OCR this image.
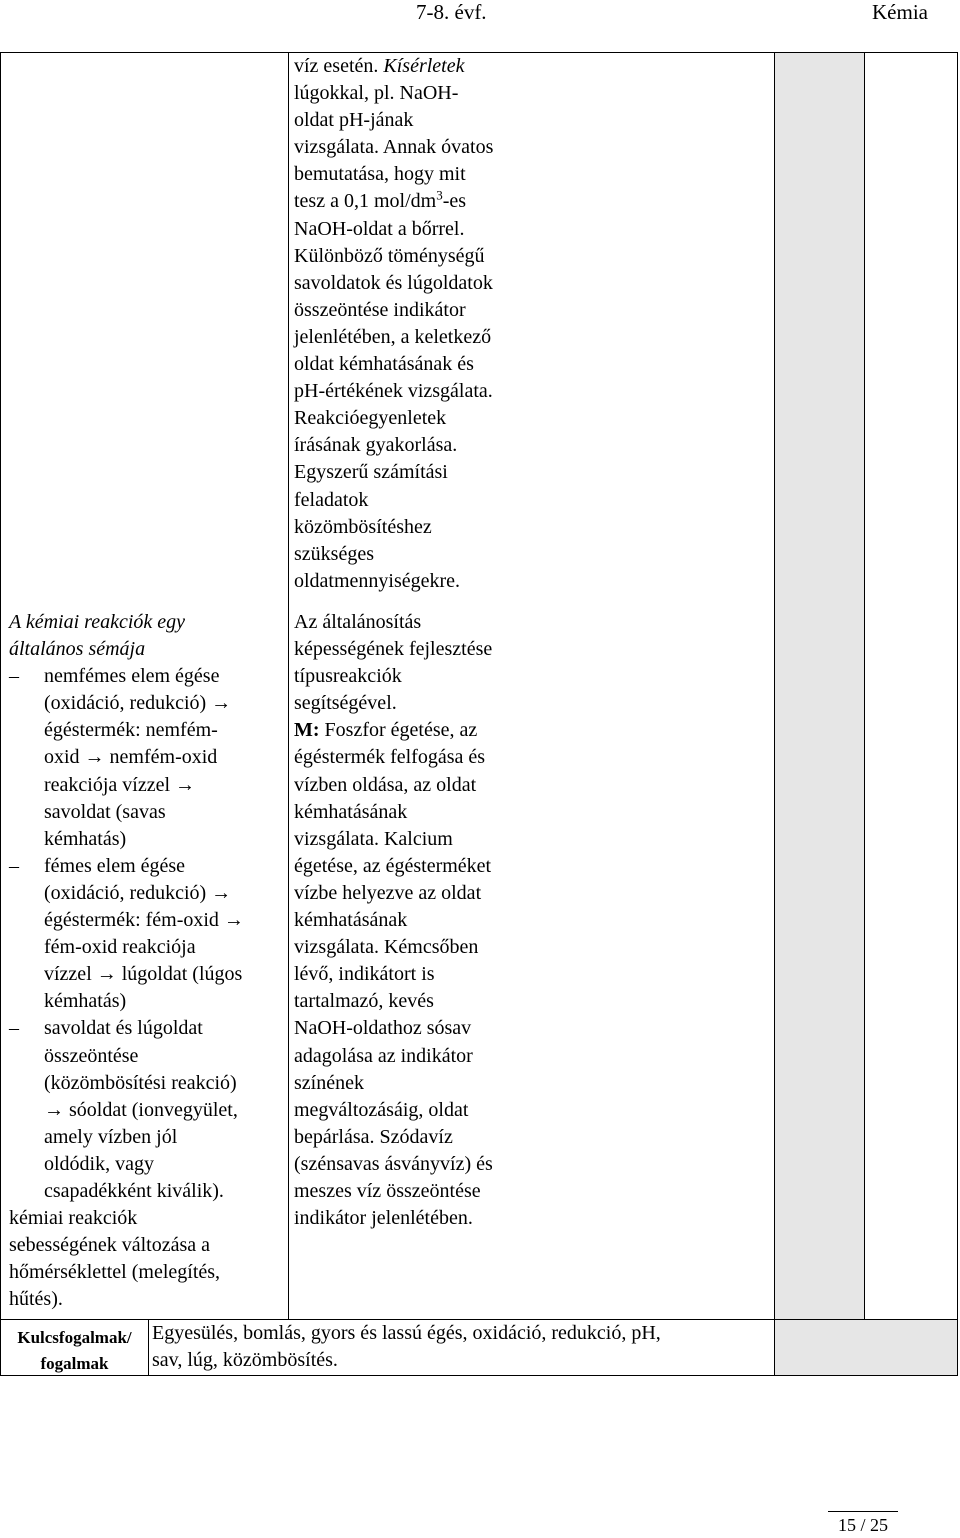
7-8. évf.	Kémia

víz esetén. Kísérletek

lúgokkal, pl. NaOH-

oldat pH-jának

vizsgálata. Annak óvatos

bemutatása, hogy mit

tesz a 0,1 mol/$dm^3-es$

NaOH-oldat a bőrrel.

Különböző töménységű

savoldatok és lúgoldatok

összeöntése indikátor

jelenlétében, a keletkező

oldat kémhatásának és

pH-értékének vizsgálata.

Reakcióegyenletek

írásának gyakorlása.

Egyszerű számítási

feladatok

közömbösítéshez

szükséges

oldatmennyiségekre.

Az általánosítás

képességének fejlesztése

típusreakciók

segítségével.

M: Foszfor égetése, az

égéstermék felfogása és

vízben oldása, az oldat

kémhatásának

vizsgálata. Kalcium

égetése, az égésterméket

vízbe helyezve az oldat

kémhatásának

vizsgálata. Kémcsőben

lévő, indikátort is

tartalmazó, kevés

NaOH-oldathoz sósav

adagolása az indikátor

színének

megváltozásáig, oldat

bepárlása. Szódavíz

(szénsavas ásványvíz) és

meszes víz összeöntése

indikátor jelenlétében.

A kémiai reakciók egy

általános sémája

– nemfémes elem égése

(oxidáció, redukció) →

égéstermék: nemfém-

oxid → nemfém-oxid

reakciója vízzel →

savoldat (savas

kémhatás)

– fémes elem égése

(oxidáció, redukció) →

égéstermék: fém-oxid →

fém-oxid reakciója

vízzel → lúgoldat (lúgos

kémhatás)

– savoldat és lúgoldat

összeöntése

(közömbösítési reakció)

→ sóoldat (ionvegyület,

amely vízben jól

oldódik, vagy

csapadékként kiválik).

kémiai reakciók

sebességének változása a

hőmérséklettel (melegítés,

hűtés).

Kulcsfogalmak/
fogalmak
Egyesülés, bomlás, gyors és lassú égés, oxidáció, redukció, pH,
sav, lúg, közömbösítés.
15 / 25
